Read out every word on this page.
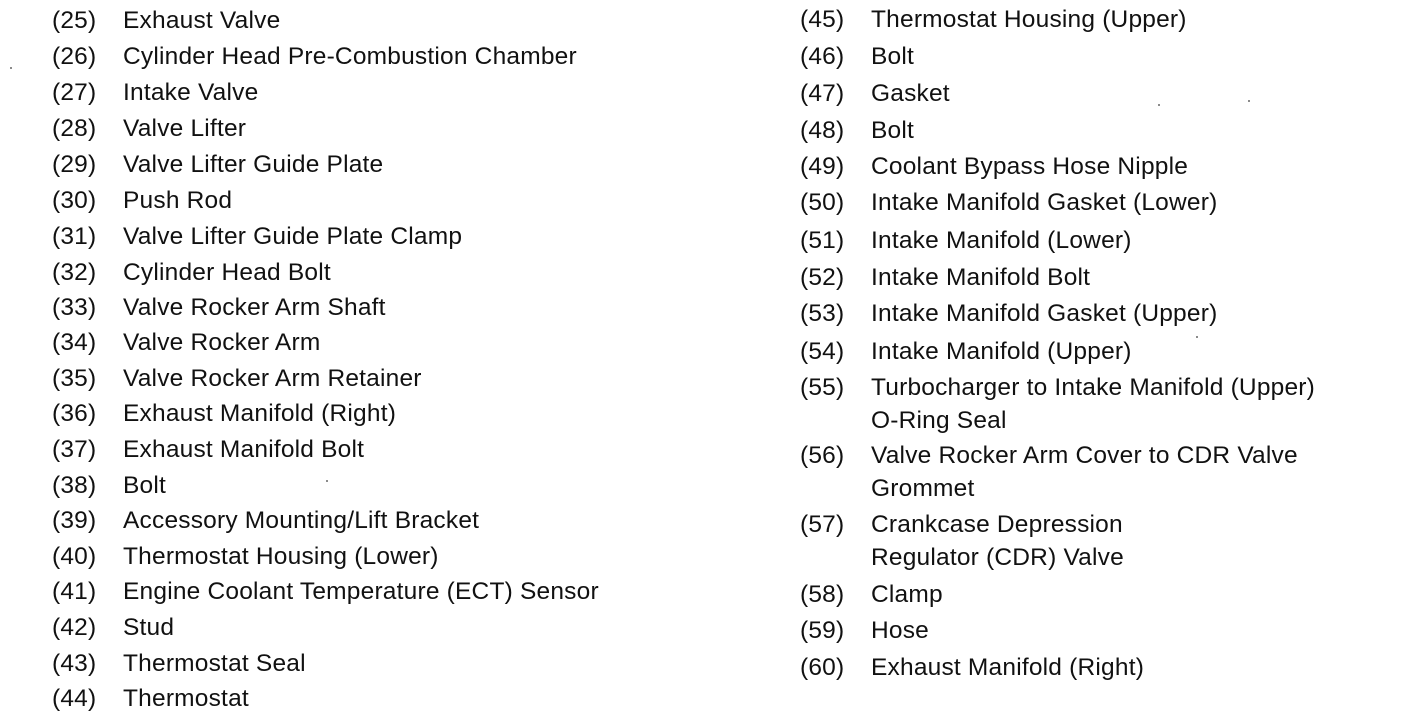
(25)	Exhaust Valve
(26)	Cylinder Head Pre-Combustion Chamber
(27)	Intake Valve
(28)	Valve Lifter
(29)	Valve Lifter Guide Plate
(30)	Push Rod
(31)	Valve Lifter Guide Plate Clamp
(32)	Cylinder Head Bolt
(33)	Valve Rocker Arm Shaft
(34)	Valve Rocker Arm
(35)	Valve Rocker Arm Retainer
(36)	Exhaust Manifold (Right)
(37)	Exhaust Manifold Bolt
(38)	Bolt
(39)	Accessory Mounting/Lift Bracket
(40)	Thermostat Housing (Lower)
(41)	Engine Coolant Temperature (ECT) Sensor
(42)	Stud
(43)	Thermostat Seal
(44)	Thermostat
(45)	Thermostat Housing (Upper)
(46)	Bolt
(47)	Gasket
(48)	Bolt
(49)	Coolant Bypass Hose Nipple
(50)	Intake Manifold Gasket (Lower)
(51)	Intake Manifold (Lower)
(52)	Intake Manifold Bolt
(53)	Intake Manifold Gasket (Upper)
(54)	Intake Manifold (Upper)
(55)	Turbocharger to Intake Manifold (Upper)
O-Ring Seal
(56)	Valve Rocker Arm Cover to CDR Valve
Grommet
(57)	Crankcase Depression
Regulator (CDR) Valve
(58)	Clamp
(59)	Hose
(60)	Exhaust Manifold (Right)
